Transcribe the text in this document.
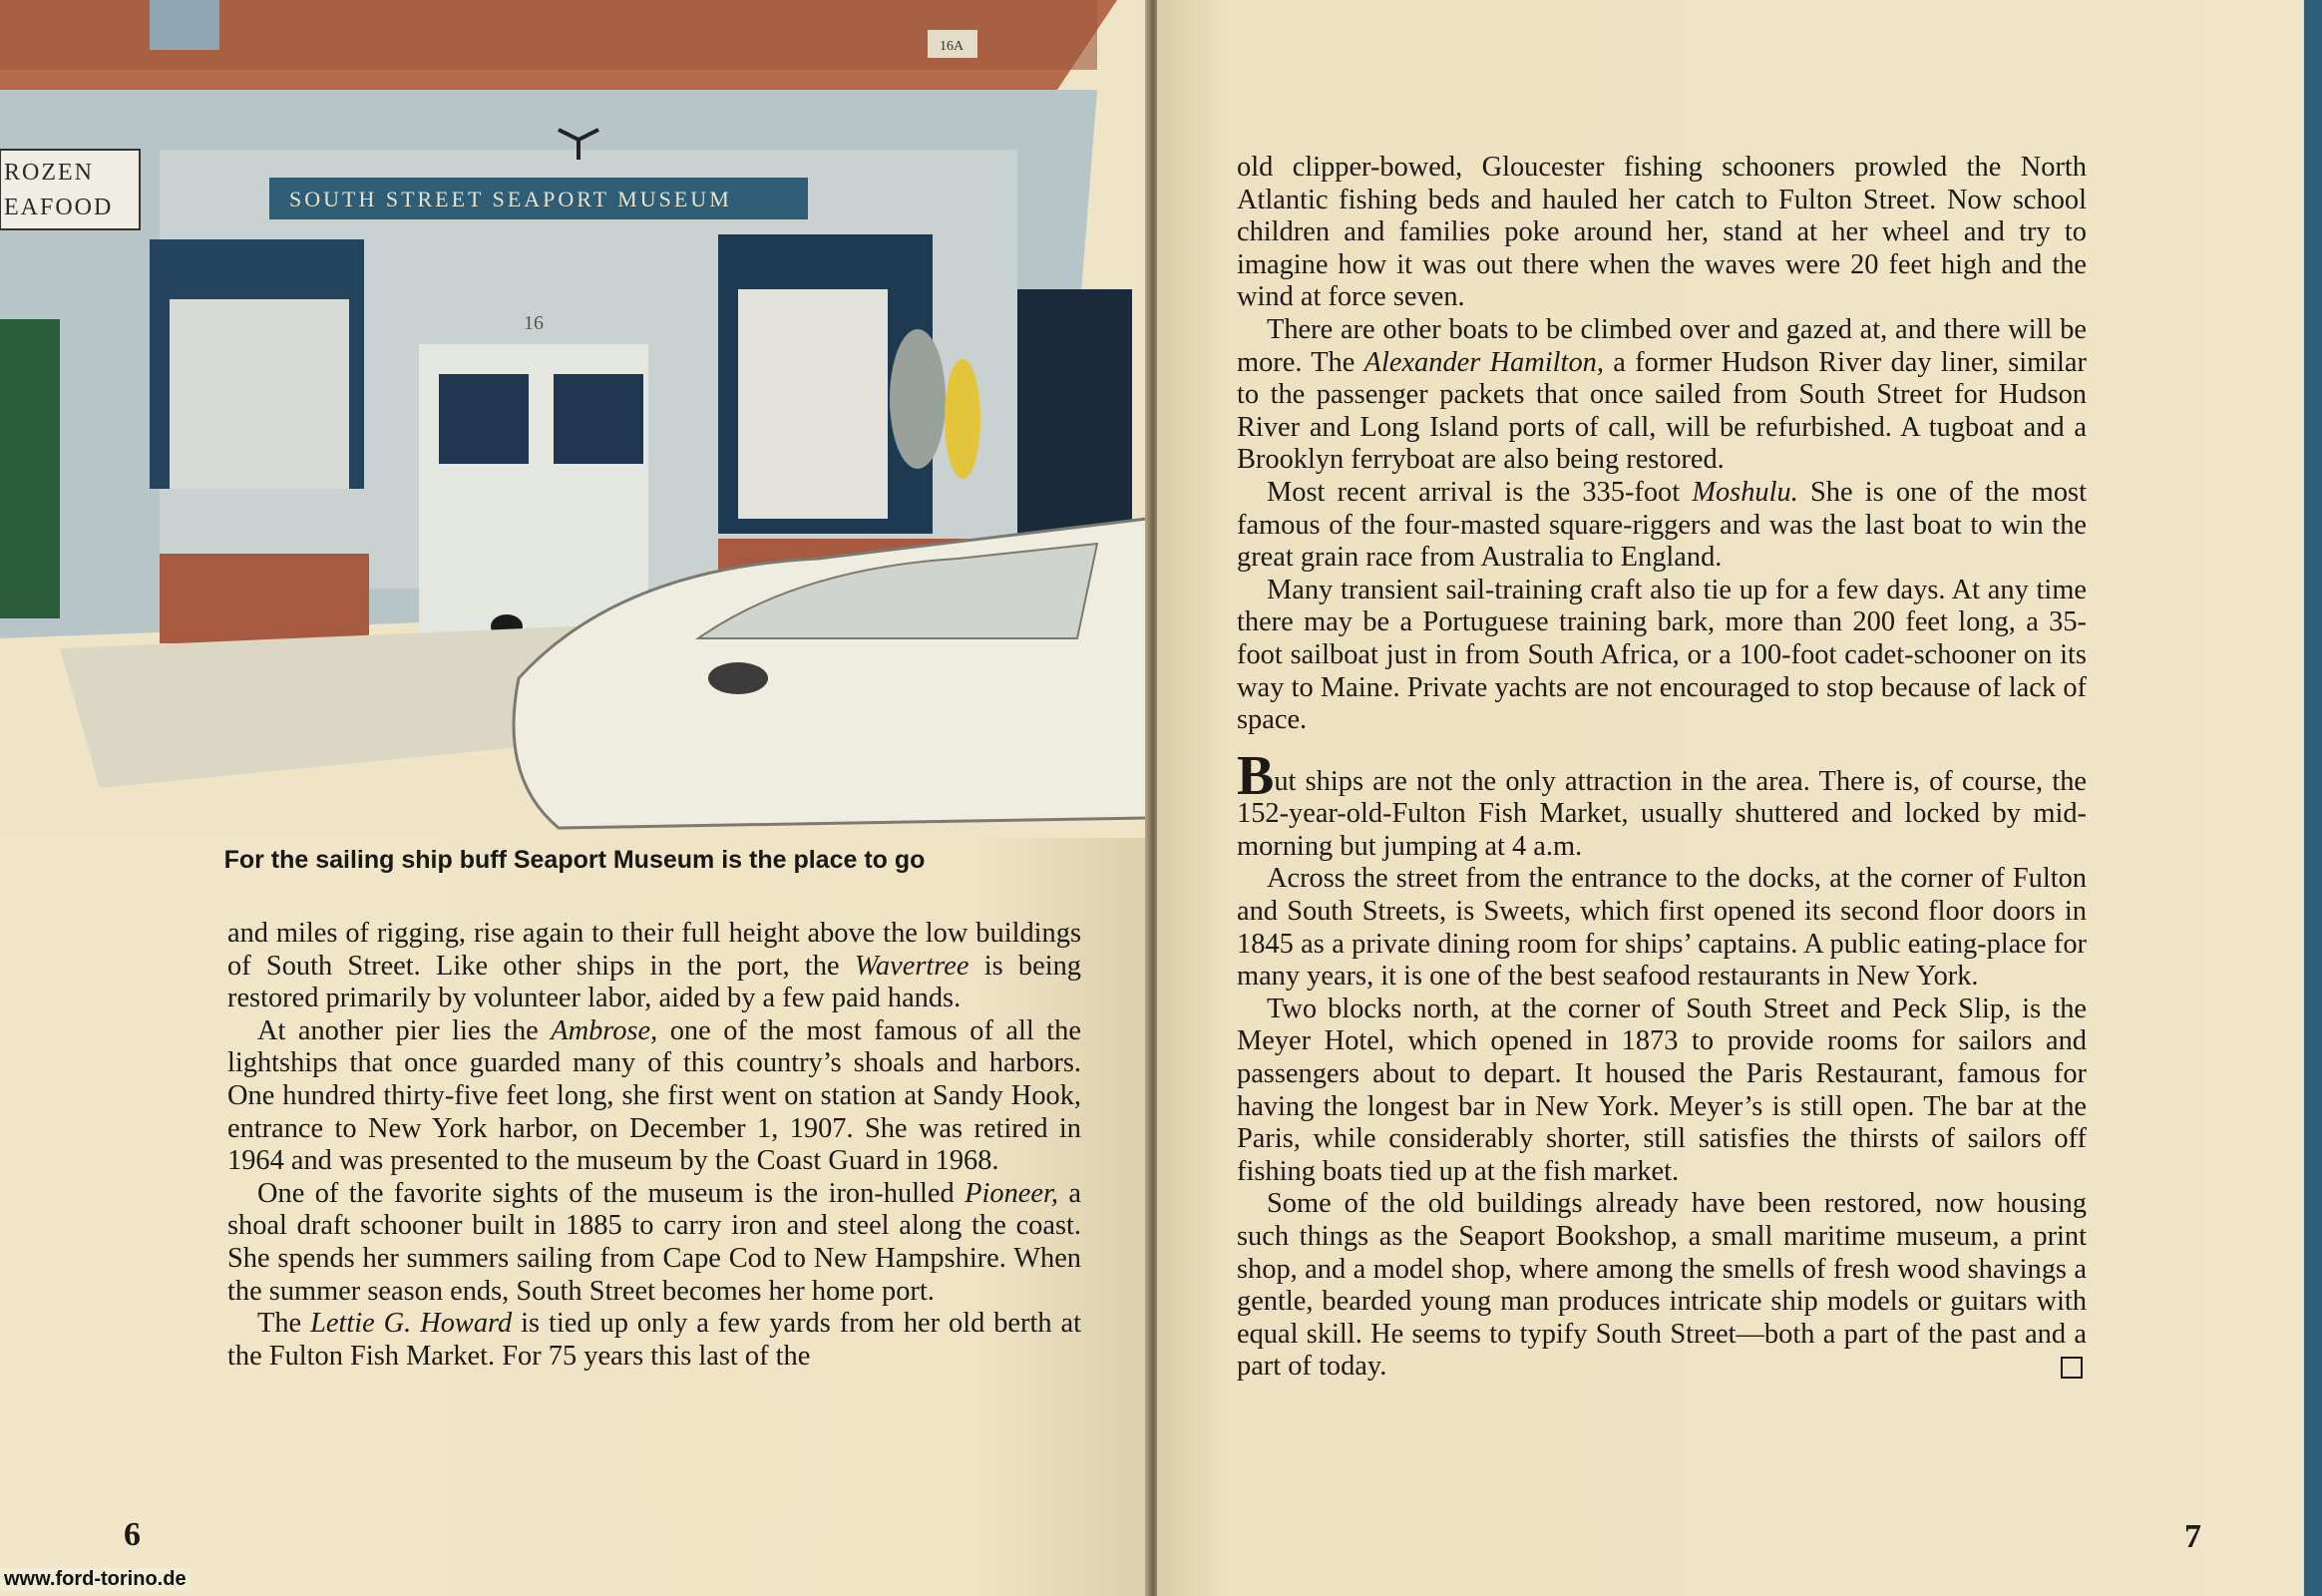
16A
SOUTH STREET SEAPORT MUSEUM
16
ROZEN
EAFOOD
For the sailing ship buff Seaport Museum is the place to go

and miles of rigging, rise again to their full height above the low buildings of South Street. Like other ships in the port, the Wavertree is being restored primarily by volunteer labor, aided by a few paid hands.

At another pier lies the Ambrose, one of the most famous of all the lightships that once guarded many of this country’s shoals and harbors. One hundred thirty-five feet long, she first went on station at Sandy Hook, entrance to New York harbor, on December 1, 1907. She was retired in 1964 and was presented to the museum by the Coast Guard in 1968.

One of the favorite sights of the museum is the iron-hulled Pioneer, a shoal draft schooner built in 1885 to carry iron and steel along the coast. She spends her summers sailing from Cape Cod to New Hampshire. When the summer season ends, South Street becomes her home port.

The Lettie G. Howard is tied up only a few yards from her old berth at the Fulton Fish Market. For 75 years this last of the

6

old clipper-bowed, Gloucester fishing schooners prowled the North Atlantic fishing beds and hauled her catch to Fulton Street. Now school children and families poke around her, stand at her wheel and try to imagine how it was out there when the waves were 20 feet high and the wind at force seven.

There are other boats to be climbed over and gazed at, and there will be more. The Alexander Hamilton, a former Hudson River day liner, similar to the passenger packets that once sailed from South Street for Hudson River and Long Island ports of call, will be refurbished. A tugboat and a Brooklyn ferryboat are also being restored.

Most recent arrival is the 335-foot Moshulu. She is one of the most famous of the four-masted square-riggers and was the last boat to win the great grain race from Australia to England.

Many transient sail-training craft also tie up for a few days. At any time there may be a Portuguese training bark, more than 200 feet long, a 35-foot sailboat just in from South Africa, or a 100-foot cadet-schooner on its way to Maine. Private yachts are not encouraged to stop because of lack of space.

But ships are not the only attraction in the area. There is, of course, the 152-year-old-Fulton Fish Market, usually shuttered and locked by mid-morning but jumping at 4 a.m.

Across the street from the entrance to the docks, at the corner of Fulton and South Streets, is Sweets, which first opened its second floor doors in 1845 as a private dining room for ships’ captains. A public eating-place for many years, it is one of the best seafood restaurants in New York.

Two blocks north, at the corner of South Street and Peck Slip, is the Meyer Hotel, which opened in 1873 to provide rooms for sailors and passengers about to depart. It housed the Paris Restaurant, famous for having the longest bar in New York. Meyer’s is still open. The bar at the Paris, while considerably shorter, still satisfies the thirsts of sailors off fishing boats tied up at the fish market.

Some of the old buildings already have been restored, now housing such things as the Seaport Bookshop, a small maritime museum, a print shop, and a model shop, where among the smells of fresh wood shavings a gentle, bearded young man produces intricate ship models or guitars with equal skill. He seems to typify South Street—both a part of the past and a part of today.

7
www.ford-torino.de
